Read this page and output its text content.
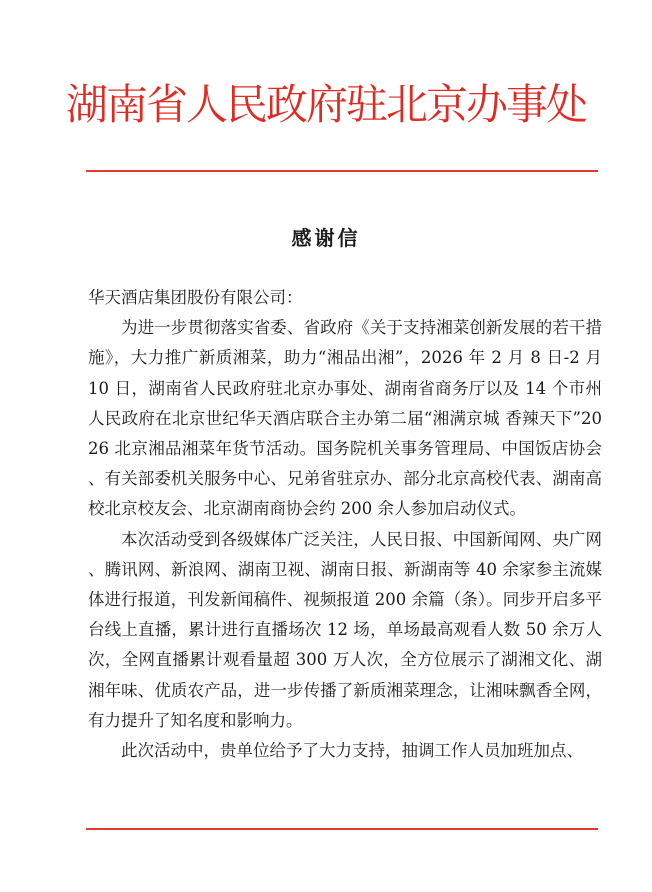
湖南省人民政府驻北京办事处
感谢信

华天酒店集团股份有限公司：

为进一步贯彻落实省委、省政府《关于支持湘菜创新发展的若干措施》，大力推广新质湘菜，助力“湘品出湘”，2026 年 2 月 8 日-2 月 10 日，湖南省人民政府驻北京办事处、湖南省商务厅以及 14 个市州人民政府在北京世纪华天酒店联合主办第二届“湘满京城 香辣天下”2026 北京湘品湘菜年货节活动。国务院机关事务管理局、中国饭店协会、有关部委机关服务中心、兄弟省驻京办、部分北京高校代表、湖南高校北京校友会、北京湖南商协会约 200 余人参加启动仪式。

本次活动受到各级媒体广泛关注，人民日报、中国新闻网、央广网、腾讯网、新浪网、湖南卫视、湖南日报、新湖南等 40 余家参主流媒体进行报道，刊发新闻稿件、视频报道 200 余篇（条）。同步开启多平台线上直播，累计进行直播场次 12 场，单场最高观看人数 50 余万人次，全网直播累计观看量超 300 万人次，全方位展示了湖湘文化、湖湘年味、优质农产品，进一步传播了新质湘菜理念，让湘味飘香全网，有力提升了知名度和影响力。

此次活动中，贵单位给予了大力支持，抽调工作人员加班加点、
